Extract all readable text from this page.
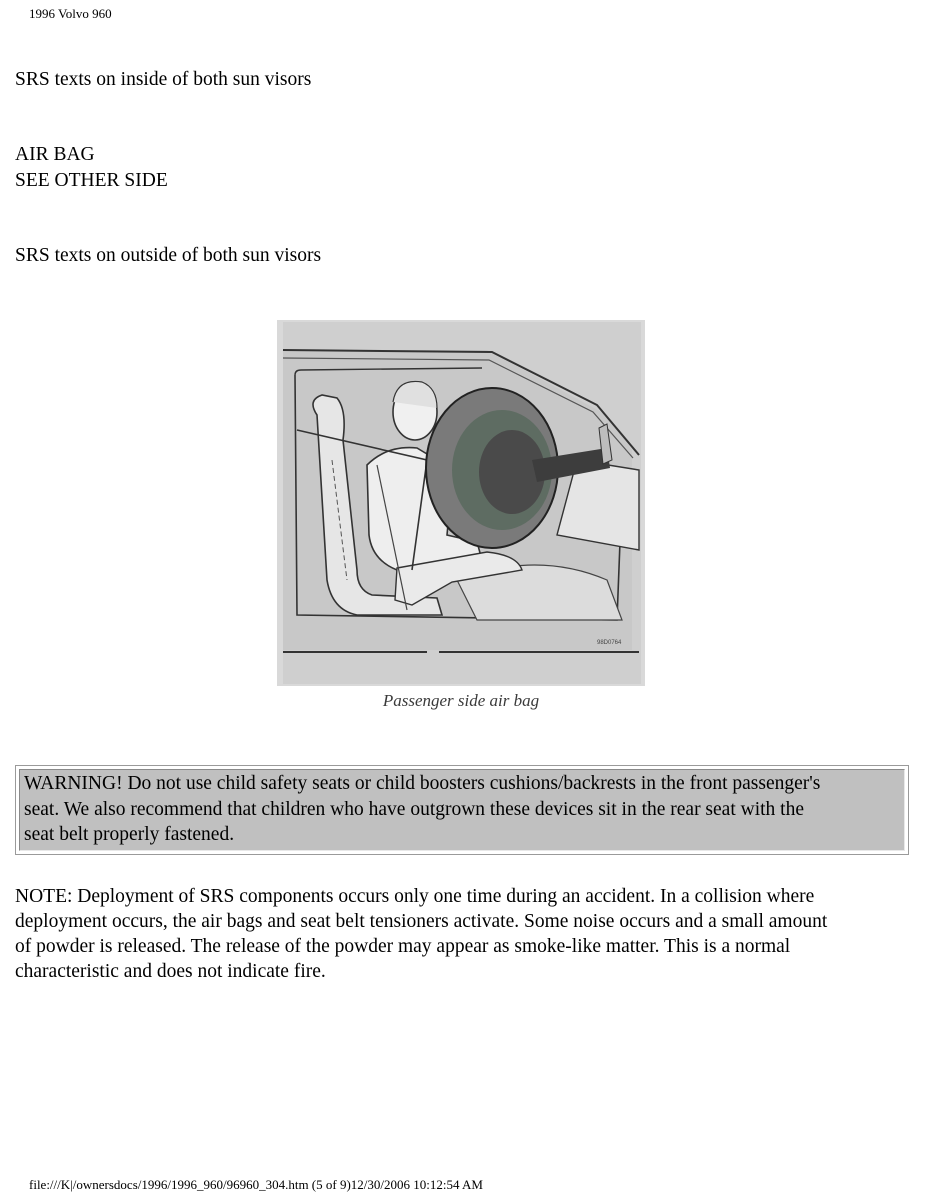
1996 Volvo 960
SRS texts on inside of both sun visors
AIR BAG
SEE OTHER SIDE
SRS texts on outside of both sun visors
98D0764
Passenger side air bag
WARNING! Do not use child safety seats or child boosters cushions/backrests in the front passenger's
seat. We also recommend that children who have outgrown these devices sit in the rear seat with the
seat belt properly fastened.
NOTE: Deployment of SRS components occurs only one time during an accident. In a collision where
deployment occurs, the air bags and seat belt tensioners activate. Some noise occurs and a small amount
of powder is released. The release of the powder may appear as smoke-like matter. This is a normal
characteristic and does not indicate fire.
file:///K|/ownersdocs/1996/1996_960/96960_304.htm (5 of 9)12/30/2006 10:12:54 AM
